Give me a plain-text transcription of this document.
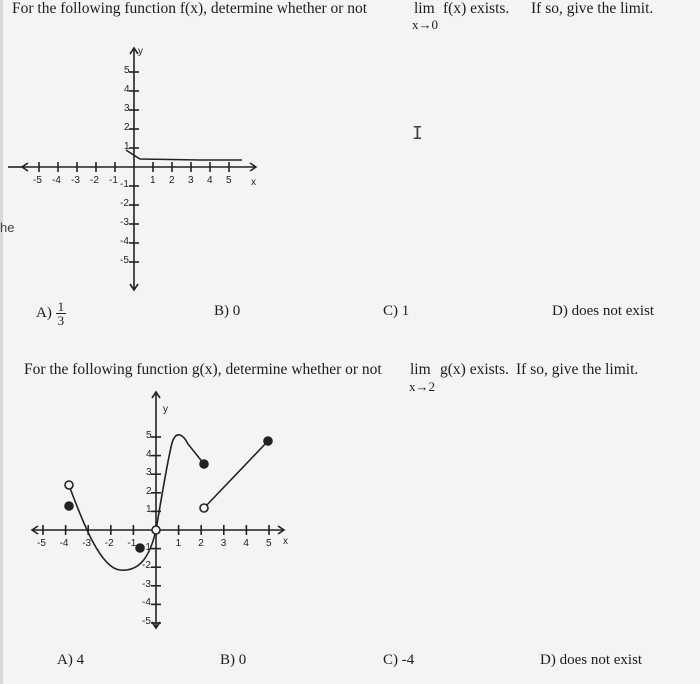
he
For the following function f(x), determine whether or not	lim f(x) exists. If so, give the limit.
x→0
I
-5 -4 -3 -2 -1	1 2 3 4 5
5
4
3
2
1
-1
-2
-3
-4
-5
x
y
$A) \frac{1}{3}$	B) 0	C) 1	D) does not exist
For the following function g(x), determine whether or not lim g(x) exists. If so, give the limit.
x→2
-5 -4 -3 -2 -1	1 2 3 4 5
5
4
3
2
1
-1
-2
-3
-4
-5
x
y
A) 4	B) 0	C) -4	D) does not exist
